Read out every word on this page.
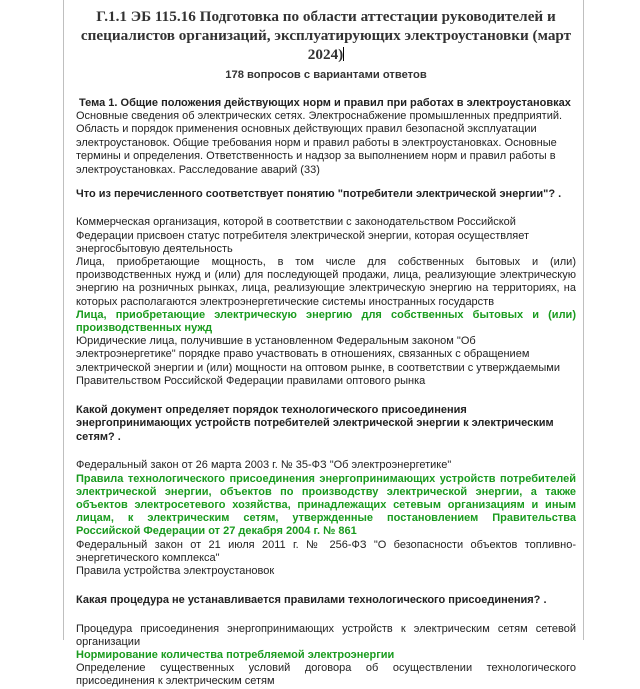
Г.1.1 ЭБ 115.16 Подготовка по области аттестации руководителей и специалистов организаций, эксплуатирующих электроустановки (март 2024)
178 вопросов с вариантами ответов
Тема 1. Общие положения действующих норм и правил при работах в электроустановках
Основные сведения об электрических сетях. Электроснабжение промышленных предприятий. Область и порядок применения основных действующих правил безопасной эксплуатации электроустановок. Общие требования норм и правил работы в электроустановках. Основные термины и определения. Ответственность и надзор за выполнением норм и правил работы в электроустановках. Расследование аварий (33)
Что из перечисленного соответствует понятию "потребители электрической энергии"? .
Коммерческая организация, которой в соответствии с законодательством Российской Федерации присвоен статус потребителя электрической энергии, которая осуществляет энергосбытовую деятельность
Лица, приобретающие мощность, в том числе для собственных бытовых и (или) производственных нужд и (или) для последующей продажи, лица, реализующие электрическую энергию на розничных рынках, лица, реализующие электрическую энергию на территориях, на которых располагаются электроэнергетические системы иностранных государств
Лица, приобретающие электрическую энергию для собственных бытовых и (или) производственных нужд
Юридические лица, получившие в установленном Федеральным законом "Об электроэнергетике" порядке право участвовать в отношениях, связанных с обращением электрической энергии и (или) мощности на оптовом рынке, в соответствии с утверждаемыми Правительством Российской Федерации правилами оптового рынка
Какой документ определяет порядок технологического присоединения энергопринимающих устройств потребителей электрической энергии к электрическим сетям? .
Федеральный закон от 26 марта 2003 г. № 35-ФЗ "Об электроэнергетике"
Правила технологического присоединения энергопринимающих устройств потребителей электрической энергии, объектов по производству электрической энергии, а также объектов электросетевого хозяйства, принадлежащих сетевым организациям и иным лицам, к электрическим сетям, утвержденные постановлением Правительства Российской Федерации от 27 декабря 2004 г. № 861
Федеральный закон от 21 июля 2011 г. № 256-ФЗ "О безопасности объектов топливно-энергетического комплекса"
Правила устройства электроустановок
Какая процедура не устанавливается правилами технологического присоединения? .
Процедура присоединения энергопринимающих устройств к электрическим сетям сетевой организации
Нормирование количества потребляемой электроэнергии
Определение существенных условий договора об осуществлении технологического присоединения к электрическим сетям
